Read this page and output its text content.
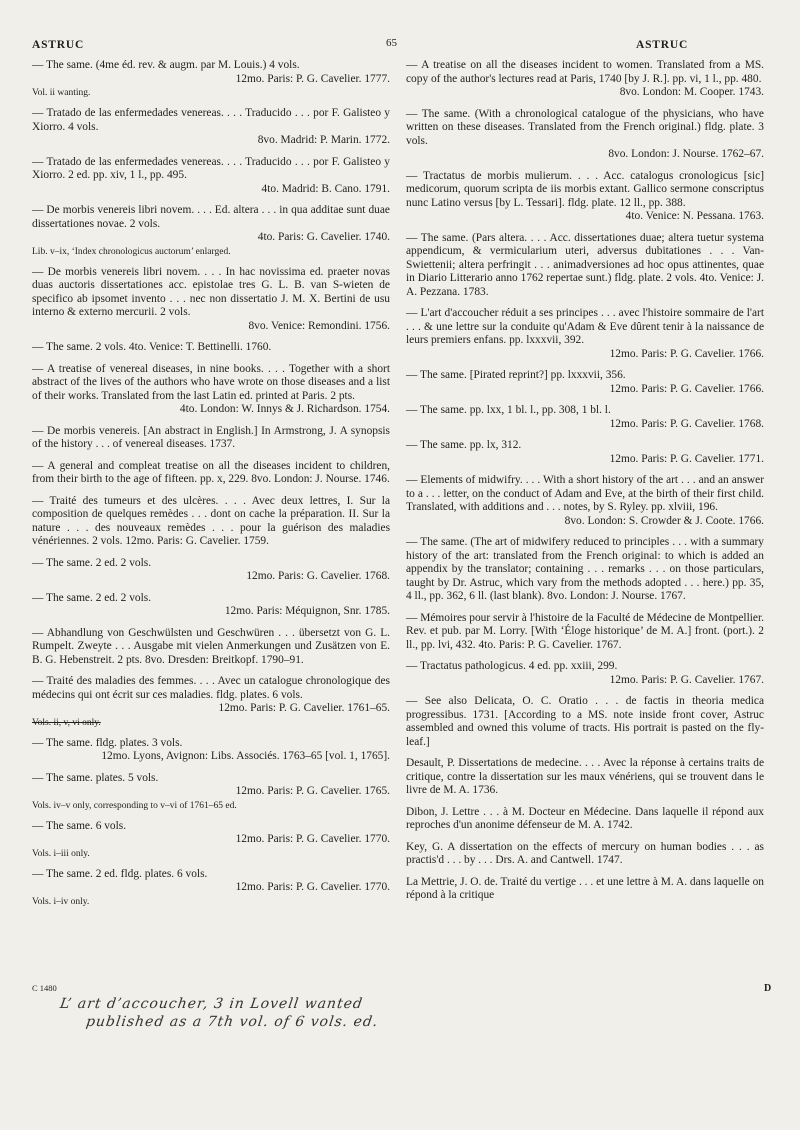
ASTRUC	65	ASTRUC
— The same. (4me éd. rev. & augm. par M. Louis.) 4 vols.
12mo. Paris: P. G. Cavelier. 1777.
Vol. ii wanting.
— Tratado de las enfermedades venereas. . . . Traducido . . . por F. Galisteo y Xiorro. 4 vols.
8vo. Madrid: P. Marin. 1772.
— Tratado de las enfermedades venereas. . . . Traducido . . . por F. Galisteo y Xiorro. 2 ed. pp. xiv, 1 l., pp. 495.
4to. Madrid: B. Cano. 1791.
— De morbis venereis libri novem. . . . Ed. altera . . . in qua additae sunt duae dissertationes novae. 2 vols.
4to. Paris: G. Cavelier. 1740.
Lib. v–ix, ‘Index chronologicus auctorum’ enlarged.
— De morbis venereis libri novem. . . . In hac novissima ed. praeter novas duas auctoris dissertationes acc. epistolae tres G. L. B. van S-wieten de specifico ab ipsomet invento . . . nec non dissertatio J. M. X. Bertini de usu interno & externo mercurii. 2 vols.
8vo. Venice: Remondini. 1756.
— The same. 2 vols. 4to. Venice: T. Bettinelli. 1760.
— A treatise of venereal diseases, in nine books. . . . Together with a short abstract of the lives of the authors who have wrote on those diseases and a list of their works. Translated from the last Latin ed. printed at Paris. 2 pts.
4to. London: W. Innys & J. Richardson. 1754.
— De morbis venereis. [An abstract in English.] In Armstrong, J. A synopsis of the history . . . of venereal diseases. 1737.
— A general and compleat treatise on all the diseases incident to children, from their birth to the age of fifteen. pp. x, 229. 8vo. London: J. Nourse. 1746.
— Traité des tumeurs et des ulcères. . . . Avec deux lettres, I. Sur la composition de quelques remèdes . . . dont on cache la préparation. II. Sur la nature . . . des nouveaux remèdes . . . pour la guérison des maladies vénériennes. 2 vols. 12mo. Paris: G. Cavelier. 1759.
— The same. 2 ed. 2 vols.
12mo. Paris: G. Cavelier. 1768.
— The same. 2 ed. 2 vols.
12mo. Paris: Méquignon, Snr. 1785.
— Abhandlung von Geschwülsten und Geschwüren . . . übersetzt von G. L. Rumpelt. Zweyte . . . Ausgabe mit vielen Anmerkungen und Zusätzen von E. B. G. Hebenstreit. 2 pts. 8vo. Dresden: Breitkopf. 1790–91.
— Traité des maladies des femmes. . . . Avec un catalogue chronologique des médecins qui ont écrit sur ces maladies. fldg. plates. 6 vols.
12mo. Paris: P. G. Cavelier. 1761–65.
Vols. ii, v, vi only.
— The same. fldg. plates. 3 vols.
12mo. Lyons, Avignon: Libs. Associés. 1763–65 [vol. 1, 1765].
— The same. plates. 5 vols.
12mo. Paris: P. G. Cavelier. 1765.
Vols. iv–v only, corresponding to v–vi of 1761–65 ed.
— The same. 6 vols.
12mo. Paris: P. G. Cavelier. 1770.
Vols. i–iii only.
— The same. 2 ed. fldg. plates. 6 vols.
12mo. Paris: P. G. Cavelier. 1770.
Vols. i–iv only.
— A treatise on all the diseases incident to women. Translated from a MS. copy of the author's lectures read at Paris, 1740 [by J. R.]. pp. vi, 1 l., pp. 480.
8vo. London: M. Cooper. 1743.
— The same. (With a chronological catalogue of the physicians, who have written on these diseases. Translated from the French original.) fldg. plate. 3 vols.
8vo. London: J. Nourse. 1762–67.
— Tractatus de morbis mulierum. . . . Acc. catalogus cronologicus [sic] medicorum, quorum scripta de iis morbis extant. Gallico sermone conscriptus nunc Latino versus [by L. Tessari]. fldg. plate. 12 ll., pp. 388.
4to. Venice: N. Pessana. 1763.
— The same. (Pars altera. . . . Acc. dissertationes duae; altera tuetur systema appendicum, & vermicularium uteri, adversus dubitationes . . . Van-Swiettenii; altera perfringit . . . animadversiones ad hoc opus attinentes, quae in Diario Litterario anno 1762 repertae sunt.) fldg. plate. 2 vols. 4to. Venice: J. A. Pezzana. 1783.
— L'art d'accoucher réduit a ses principes . . . avec l'histoire sommaire de l'art . . . & une lettre sur la conduite qu'Adam & Eve dûrent tenir à la naissance de leurs premiers enfans. pp. lxxxvii, 392.
12mo. Paris: P. G. Cavelier. 1766.
— The same. [Pirated reprint?] pp. lxxxvii, 356.
12mo. Paris: P. G. Cavelier. 1766.
— The same. pp. lxx, 1 bl. l., pp. 308, 1 bl. l.
12mo. Paris: P. G. Cavelier. 1768.
— The same. pp. lx, 312.
12mo. Paris: P. G. Cavelier. 1771.
— Elements of midwifry. . . . With a short history of the art . . . and an answer to a . . . letter, on the conduct of Adam and Eve, at the birth of their first child. Translated, with additions and . . . notes, by S. Ryley. pp. xlviii, 196.
8vo. London: S. Crowder & J. Coote. 1766.
— The same. (The art of midwifery reduced to principles . . . with a summary history of the art: translated from the French original: to which is added an appendix by the translator; containing . . . remarks . . . on those particulars, taught by Dr. Astruc, which vary from the methods adopted . . . here.) pp. 35, 4 ll., pp. 362, 6 ll. (last blank). 8vo. London: J. Nourse. 1767.
— Mémoires pour servir à l'histoire de la Faculté de Médecine de Montpellier. Rev. et pub. par M. Lorry. [With ‘Éloge historique’ de M. A.] front. (port.). 2 ll., pp. lvi, 432. 4to. Paris: P. G. Cavelier. 1767.
— Tractatus pathologicus. 4 ed. pp. xxiii, 299.
12mo. Paris: P. G. Cavelier. 1767.
— See also Delicata, O. C. Oratio . . . de factis in theoria medica progressibus. 1731. [According to a MS. note inside front cover, Astruc assembled and owned this volume of tracts. His portrait is pasted on the fly-leaf.]
Desault, P. Dissertations de medecine. . . . Avec la réponse à certains traits de critique, contre la dissertation sur les maux vénériens, qui se trouvent dans le livre de M. A. 1736.
Dibon, J. Lettre . . . à M. Docteur en Médecine. Dans laquelle il répond aux reproches d'un anonime défenseur de M. A. 1742.
Key, G. A dissertation on the effects of mercury on human bodies . . . as practis'd . . . by . . . Drs. A. and Cantwell. 1747.
La Mettrie, J. O. de. Traité du vertige . . . et une lettre à M. A. dans laquelle on répond à la critique
C 1480	D
L’ art d’accoucher, 3 in Lovell wanted
published as a 7th vol. of 6 vols. ed.
